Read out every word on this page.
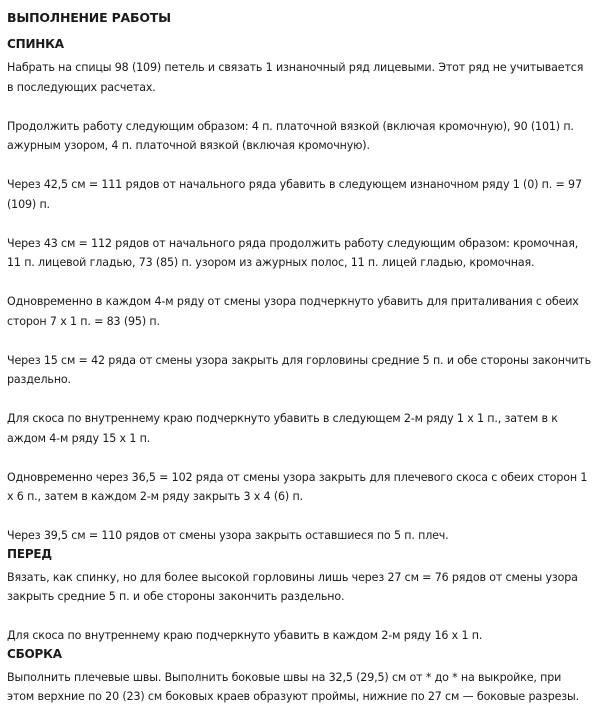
ВЫПОЛНЕНИЕ РАБОТЫ
СПИНКА

Набрать на спицы 98 (109) петель и связать 1 изнаночный ряд лицевыми. Этот ряд не учитывается в последующих расчетах.

Продолжить работу следующим образом: 4 п. платочной вязкой (включая кромочную), 90 (101) п. ажурным узором, 4 п. платочной вязкой (включая кромочную).

Через 42,5 см = 111 рядов от начального ряда убавить в следующем изнаночном ряду 1 (0) п. = 97 (109) п.

Через 43 см = 112 рядов от начального ряда продолжить работу следующим образом: кромочная, 11 п. лицевой гладью, 73 (85) п. узором из ажурных полос, 11 п. лицей гладью, кромочная.

Одновременно в каждом 4-м ряду от смены узора подчеркнуто убавить для приталивания с обеих сторон 7 х 1 п. = 83 (95) п.

Через 15 см = 42 ряда от смены узора закрыть для горловины средние 5 п. и обе стороны закончить раздельно.

Для скоса по внутреннему краю подчеркнуто убавить в следующем 2-м ряду 1 х 1 п., затем в к аждом 4-м ряду 15 х 1 п.

Одновременно через 36,5 = 102 ряда от смены узора закрыть для плечевого скоса с обеих сторон 1 х 6 п., затем в каждом 2-м ряду закрыть 3 х 4 (6) п.

Через 39,5 см = 110 рядов от смены узора закрыть оставшиеся по 5 п. плеч.

ПЕРЕД

Вязать, как спинку, но для более высокой горловины лишь через 27 см = 76 рядов от смены узора закрыть средние 5 п. и обе стороны закончить раздельно.

Для скоса по внутреннему краю подчеркнуто убавить в каждом 2-м ряду 16 х 1 п.

СБОРКА

Выполнить плечевые швы. Выполнить боковые швы на 32,5 (29,5) см от * до * на выкройке, при этом верхние по 20 (23) см боковых краев образуют проймы, нижние по 27 см — боковые разрезы.
